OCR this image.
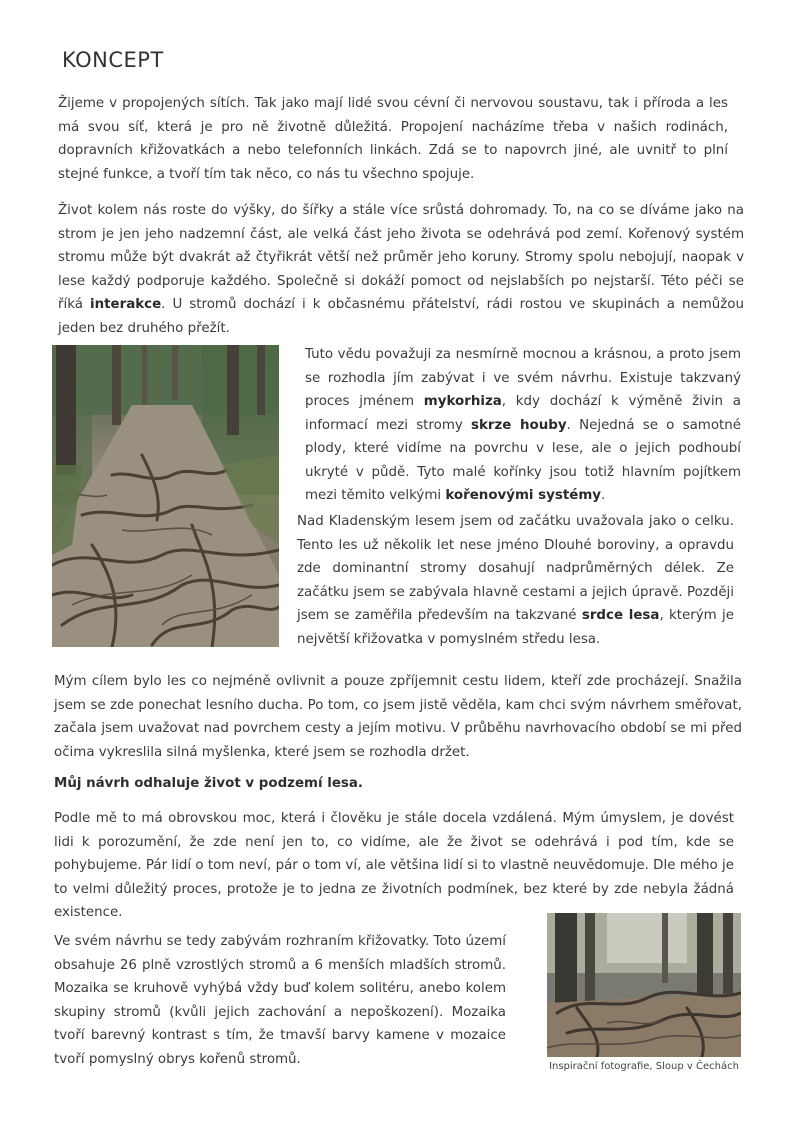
KONCEPT

Žijeme v propojených sítích. Tak jako mají lidé svou cévní či nervovou soustavu, tak i příroda a les má svou síť, která je pro ně životně důležitá. Propojení nacházíme třeba v našich rodinách, dopravních křižovatkách a nebo telefonních linkách. Zdá se to napovrch jiné, ale uvnitř to plní stejné funkce, a tvoří tím tak něco, co nás tu všechno spojuje.

Život kolem nás roste do výšky, do šířky a stále více srůstá dohromady. To, na co se díváme jako na strom je jen jeho nadzemní část, ale velká část jeho života se odehrává pod zemí. Kořenový systém stromu může být dvakrát až čtyřikrát větší než průměr jeho koruny. Stromy spolu nebojují, naopak v lese každý podporuje každého. Společně si dokáží pomoct od nejslabších po nejstarší. Této péči se říká interakce. U stromů dochází i k občasnému přátelství, rádi rostou ve skupinách a nemůžou jeden bez druhého přežít.

Tuto vědu považuji za nesmírně mocnou a krásnou, a proto jsem se rozhodla jím zabývat i ve svém návrhu. Existuje takzvaný proces jménem mykorhiza, kdy dochází k výměně živin a informací mezi stromy skrze houby. Nejedná se o samotné plody, které vidíme na povrchu v lese, ale o jejich podhoubí ukryté v půdě. Tyto malé kořínky jsou totiž hlavním pojítkem mezi těmito velkými kořenovými systémy.

Nad Kladenským lesem jsem od začátku uvažovala jako o celku. Tento les už několik let nese jméno Dlouhé boroviny, a opravdu zde dominantní stromy dosahují nadprůměrných délek. Ze začátku jsem se zabývala hlavně cestami a jejich úpravě. Později jsem se zaměřila především na takzvané srdce lesa, kterým je největší křižovatka v pomyslném středu lesa.

Mým cílem bylo les co nejméně ovlivnit a pouze zpříjemnit cestu lidem, kteří zde procházejí. Snažila jsem se zde ponechat lesního ducha. Po tom, co jsem jistě věděla, kam chci svým návrhem směřovat, začala jsem uvažovat nad povrchem cesty a jejím motivu. V průběhu navrhovacího období se mi před očima vykreslila silná myšlenka, které jsem se rozhodla držet.

Můj návrh odhaluje život v podzemí lesa.

Podle mě to má obrovskou moc, která i člověku je stále docela vzdálená. Mým úmyslem, je dovést lidi k porozumění, že zde není jen to, co vidíme, ale že život se odehrává i pod tím, kde se pohybujeme. Pár lidí o tom neví, pár o tom ví, ale většina lidí si to vlastně neuvědomuje. Dle mého je to velmi důležitý proces, protože je to jedna ze životních podmínek, bez které by zde nebyla žádná existence.

Ve svém návrhu se tedy zabývám rozhraním křižovatky. Toto území obsahuje 26 plně vzrostlých stromů a 6 menších mladších stromů. Mozaika se kruhově vyhýbá vždy buď kolem solitéru, anebo kolem skupiny stromů (kvůli jejich zachování a nepoškození). Mozaika tvoří barevný kontrast s tím, že tmavší barvy kamene v mozaice tvoří pomyslný obrys kořenů stromů.	Inspirační fotografie, Sloup v Čechách
